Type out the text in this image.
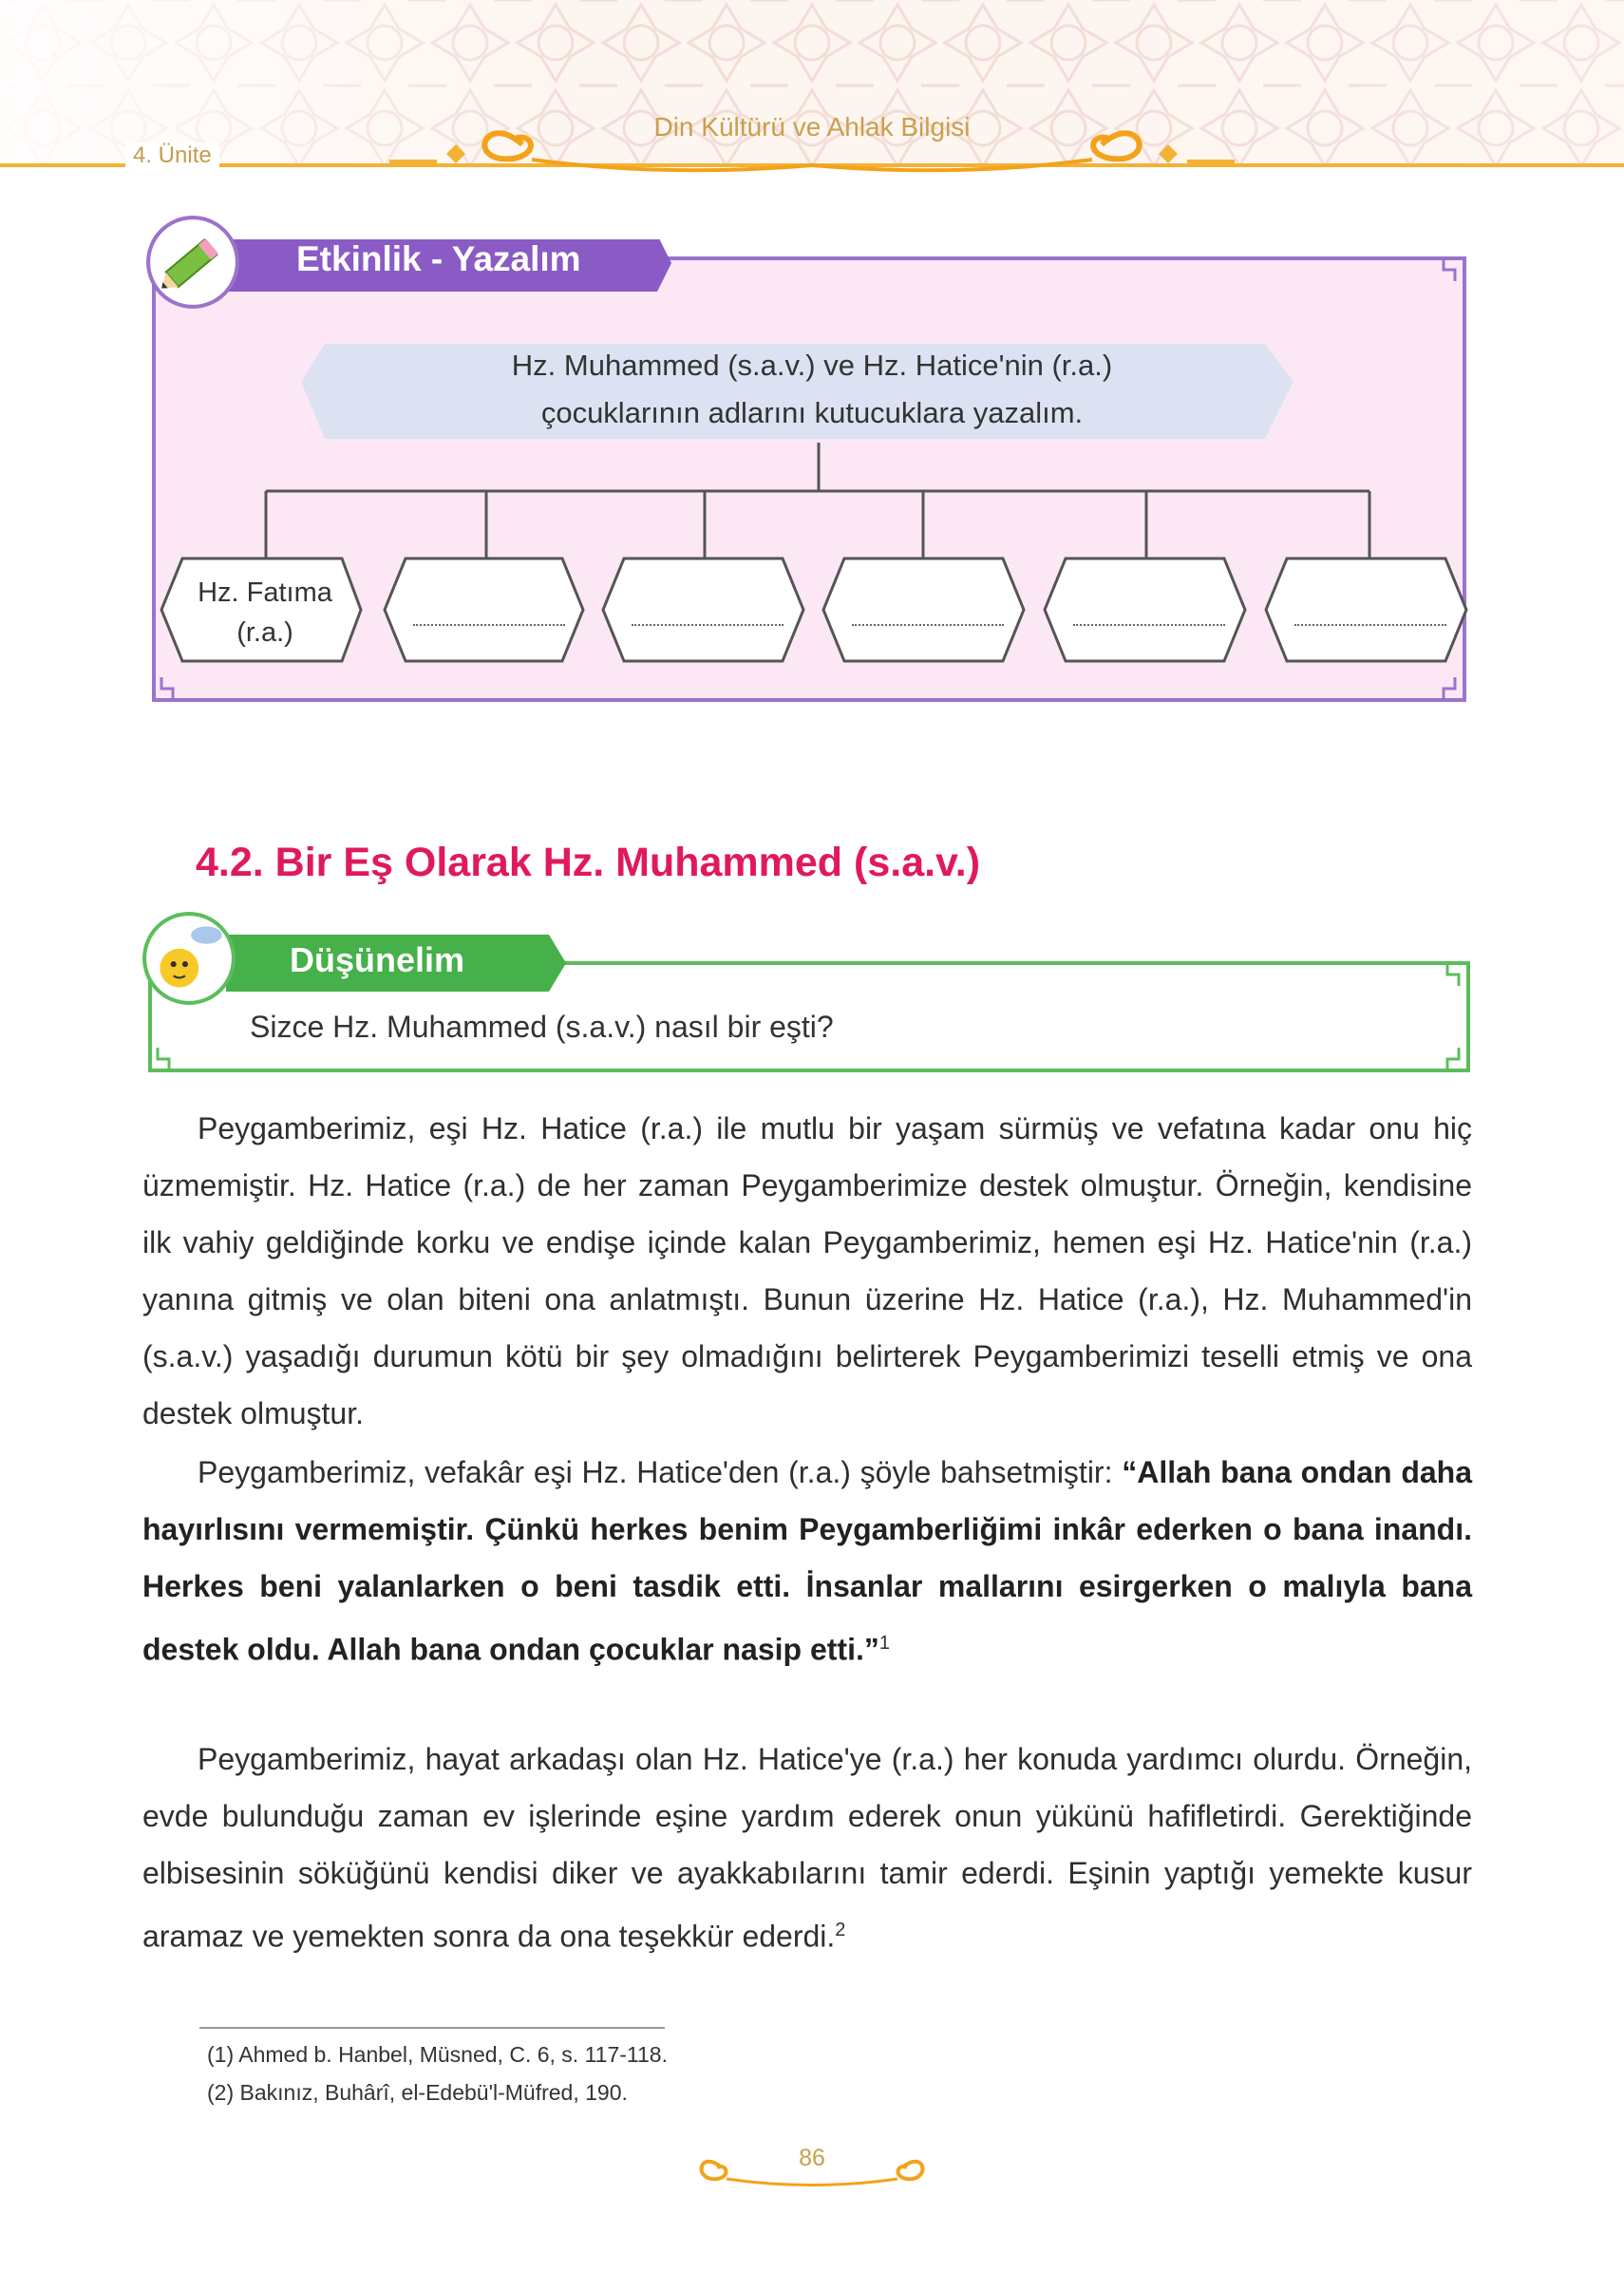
Din Kültürü ve Ahlak Bilgisi
4. Ünite
Etkinlik - Yazalım
Hz. Muhammed (s.a.v.) ve Hz. Hatice'nin (r.a.)
çocuklarının adlarını kutucuklara yazalım.
Hz. Fatıma
(r.a.)
4.2. Bir Eş Olarak Hz. Muhammed (s.a.v.)
Düşünelim
Sizce Hz. Muhammed (s.a.v.) nasıl bir eşti?

Peygamberimiz, eşi Hz. Hatice (r.a.) ile mutlu bir yaşam sürmüş ve vefatına kadar onu hiç üzmemiştir. Hz. Hatice (r.a.) de her zaman Peygamberimize destek olmuştur. Örneğin, kendisine ilk vahiy geldiğinde korku ve endişe içinde kalan Peygamberimiz, hemen eşi Hz. Hatice'nin (r.a.) yanına gitmiş ve olan biteni ona anlatmıştı. Bunun üzerine Hz. Hatice (r.a.), Hz. Muhammed'in (s.a.v.) yaşadığı durumun kötü bir şey olmadığını belirterek Peygamberimizi teselli etmiş ve ona destek olmuştur.

Peygamberimiz, vefakâr eşi Hz. Hatice'den (r.a.) şöyle bahsetmiştir: “Allah bana ondan daha hayırlısını vermemiştir. Çünkü herkes benim Peygamberliğimi inkâr ederken o bana inandı. Herkes beni yalanlarken o beni tasdik etti. İnsanlar mallarını esirgerken o malıyla bana destek oldu. Allah bana ondan çocuklar nasip etti.”$^1$

Peygamberimiz, hayat arkadaşı olan Hz. Hatice'ye (r.a.) her konuda yardımcı olurdu. Örneğin, evde bulunduğu zaman ev işlerinde eşine yardım ederek onun yükünü hafifletirdi. Gerektiğinde elbisesinin söküğünü kendisi diker ve ayakkabılarını tamir ederdi. Eşinin yaptığı yemekte kusur aramaz ve yemekten sonra da ona teşekkür ederdi.$^2$

(1) Ahmed b. Hanbel, Müsned, C. 6, s. 117-118.
(2) Bakınız, Buhârî, el-Edebü'l-Müfred, 190.
86
